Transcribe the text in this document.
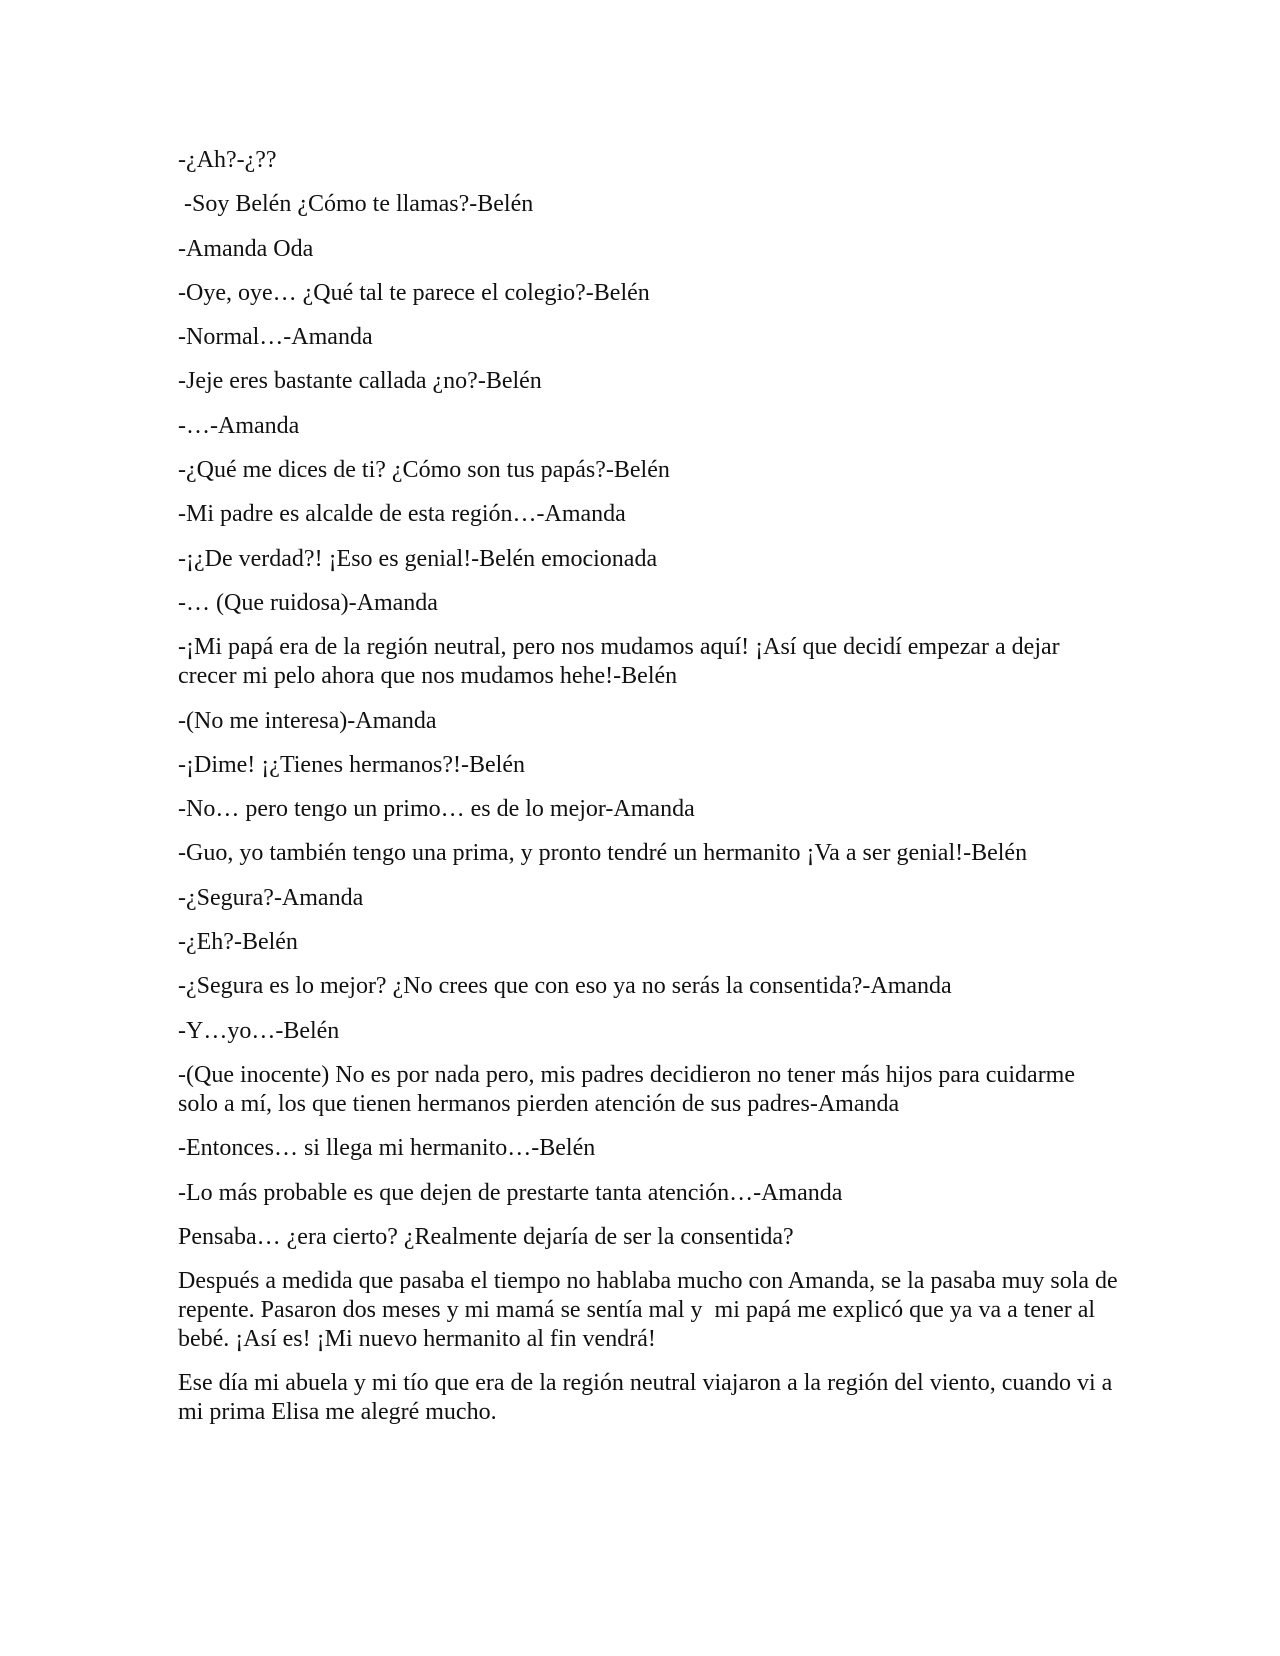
-¿Ah?-¿??

-Soy Belén ¿Cómo te llamas?-Belén

-Amanda Oda

-Oye, oye… ¿Qué tal te parece el colegio?-Belén

-Normal…-Amanda

-Jeje eres bastante callada ¿no?-Belén

-…-Amanda

-¿Qué me dices de ti? ¿Cómo son tus papás?-Belén

-Mi padre es alcalde de esta región…-Amanda

-¡¿De verdad?! ¡Eso es genial!-Belén emocionada

-… (Que ruidosa)-Amanda

-¡Mi papá era de la región neutral, pero nos mudamos aquí! ¡Así que decidí empezar a dejar crecer mi pelo ahora que nos mudamos hehe!-Belén

-(No me interesa)-Amanda

-¡Dime! ¡¿Tienes hermanos?!-Belén

-No… pero tengo un primo… es de lo mejor-Amanda

-Guo, yo también tengo una prima, y pronto tendré un hermanito ¡Va a ser genial!-Belén

-¿Segura?-Amanda

-¿Eh?-Belén

-¿Segura es lo mejor? ¿No crees que con eso ya no serás la consentida?-Amanda

-Y…yo…-Belén

-(Que inocente) No es por nada pero, mis padres decidieron no tener más hijos para cuidarme solo a mí, los que tienen hermanos pierden atención de sus padres-Amanda

-Entonces… si llega mi hermanito…-Belén

-Lo más probable es que dejen de prestarte tanta atención…-Amanda

Pensaba… ¿era cierto? ¿Realmente dejaría de ser la consentida?

Después a medida que pasaba el tiempo no hablaba mucho con Amanda, se la pasaba muy sola de repente. Pasaron dos meses y mi mamá se sentía mal y  mi papá me explicó que ya va a tener al bebé. ¡Así es! ¡Mi nuevo hermanito al fin vendrá!

Ese día mi abuela y mi tío que era de la región neutral viajaron a la región del viento, cuando vi a mi prima Elisa me alegré mucho.
